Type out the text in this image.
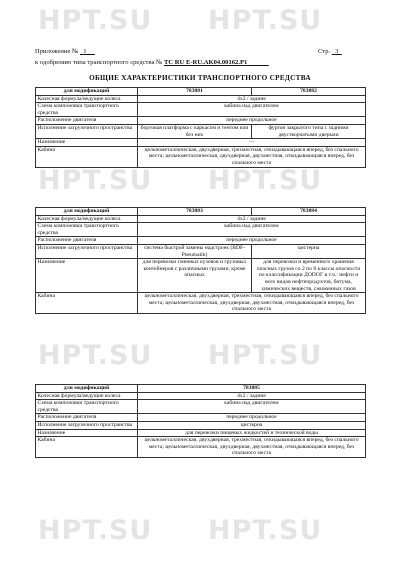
HPT.SU HPT.SU
HPT.SU HPT.SU
HPT.SU HPT.SU
HPT.SU HPT.SU
Приложение № 1	Стр. 3
к одобрению типа транспортного средства № TC RU E-RU.AK04.00162.P1
ОБЩИЕ ХАРАКТЕРИСТИКИ ТРАНСПОРТНОГО СРЕДСТВА
для модификаций	783881	783882
Колесная формула/ведущие колеса	4x2 / задние	
Схема компоновки транспортного средства	кабина над двигателем	
Расположение двигателя	переднее продольное	
Исполнение загрузочного пространства	бортовая платформа с каркасом и тентом или без них	фургон закрытого типа с задними двустворчатыми дверьми
Назначение	—	
Кабина	цельнометаллическая, двухдверная, трехместная, откидывающаяся вперед, без спального места; цельнометаллическая, двухдверная, двухместная, откидывающаяся вперед, без спального места	
для модификаций	783883	783884
Колесная формула/ведущие колеса	4x2 / задние	
Схема компоновки транспортного средства	кабина над двигателем	
Расположение двигателя	переднее продольное	
Исполнение загрузочного пространства	система быстрой замены надстроек (BDF-Pneumatik)	цистерна
Назначение	для перевозки сменных кузовов и грузовых контейнеров с различными грузами, кроме опасных	для перевозки и временного хранения опасных грузов со 2 по 8 классы опасности по классификации ДОПОГ в т.ч.: нефти и всех видов нефтепродуктов, битума, химических веществ, сжиженных газов
Кабина	цельнометаллическая, двухдверная, трехместная, откидывающаяся вперед, без спального места; цельнометаллическая, двухдверная, двухместная, откидывающаяся вперед, без спального места	
для модификаций	783885
Колесная формула/ведущие колеса	4x2 / задние
Схема компоновки транспортного средства	кабина над двигателем
Расположение двигателя	переднее продольное
Исполнение загрузочного пространства	цистерна
Назначение	для перевозки пищевых жидкостей и технической воды
Кабина	цельнометаллическая, двухдверная, трехместная, откидывающаяся вперед, без спального места; цельнометаллическая, двухдверная, двухместная, откидывающаяся вперед, без спального места
